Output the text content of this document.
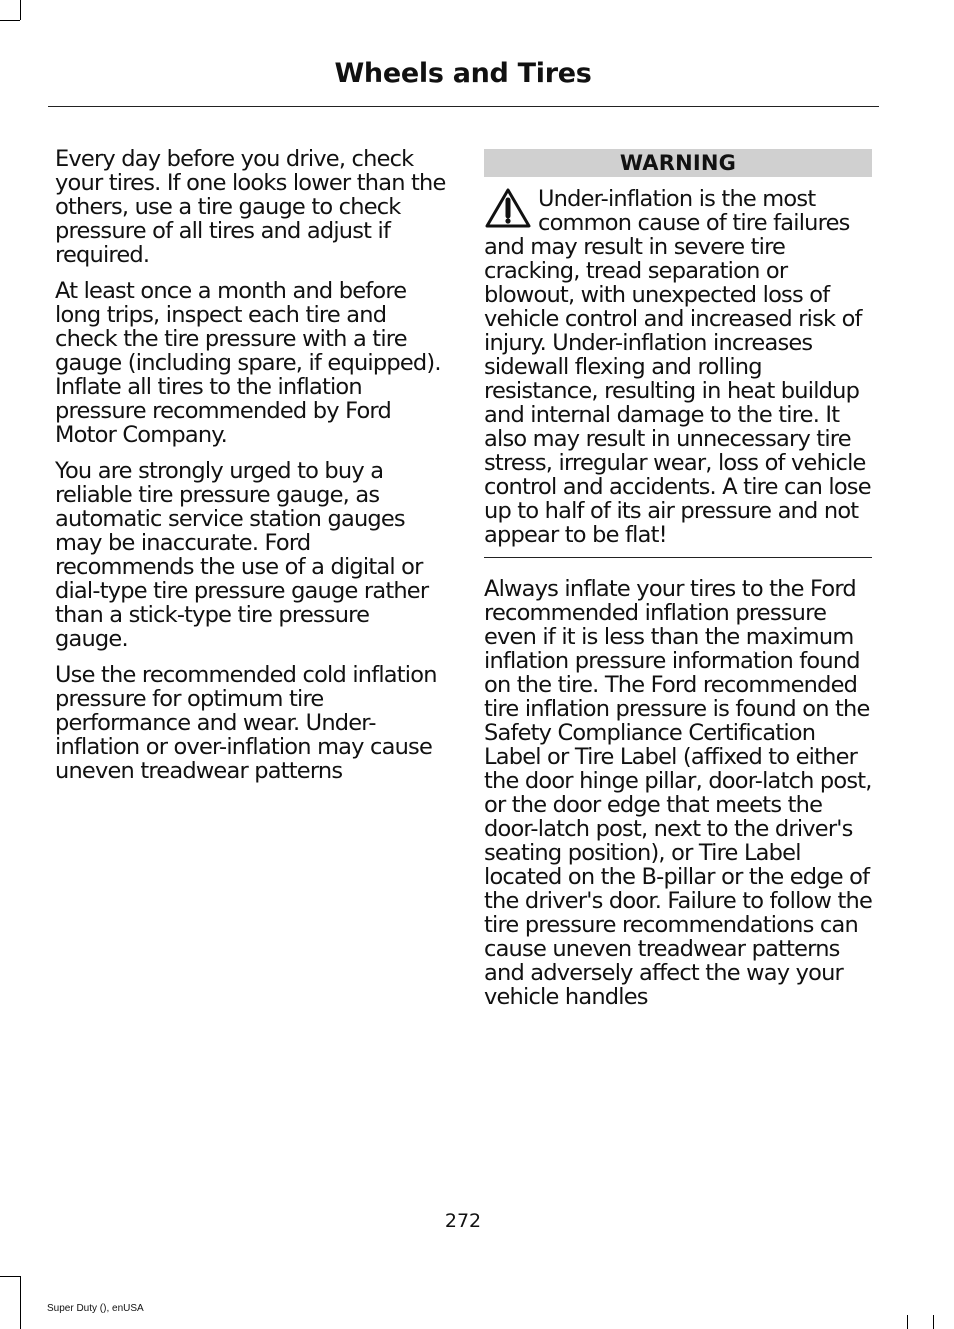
Wheels and Tires

Every day before you drive, check your tires. If one looks lower than the others, use a tire gauge to check pressure of all tires and adjust if required.

At least once a month and before long trips, inspect each tire and check the tire pressure with a tire gauge (including spare, if equipped). Inflate all tires to the inflation pressure recommended by Ford Motor Company.

You are strongly urged to buy a reliable tire pressure gauge, as automatic service station gauges may be inaccurate. Ford recommends the use of a digital or dial-type tire pressure gauge rather than a stick-type tire pressure gauge.

Use the recommended cold inflation pressure for optimum tire performance and wear. Under-inflation or over-inflation may cause uneven treadwear patterns

WARNING
Under-inflation is the most common cause of tire failures and may result in severe tire cracking, tread separation or blowout, with unexpected loss of vehicle control and increased risk of injury. Under-inflation increases sidewall flexing and rolling resistance, resulting in heat buildup and internal damage to the tire. It also may result in unnecessary tire stress, irregular wear, loss of vehicle control and accidents. A tire can lose up to half of its air pressure and not appear to be flat!

Always inflate your tires to the Ford recommended inflation pressure even if it is less than the maximum inflation pressure information found on the tire. The Ford recommended tire inflation pressure is found on the Safety Compliance Certification Label or Tire Label (affixed to either the door hinge pillar, door-latch post, or the door edge that meets the door-latch post, next to the driver's seating position), or Tire Label located on the B-pillar or the edge of the driver's door. Failure to follow the tire pressure recommendations can cause uneven treadwear patterns and adversely affect the way your vehicle handles

272
Super Duty (), enUSA
